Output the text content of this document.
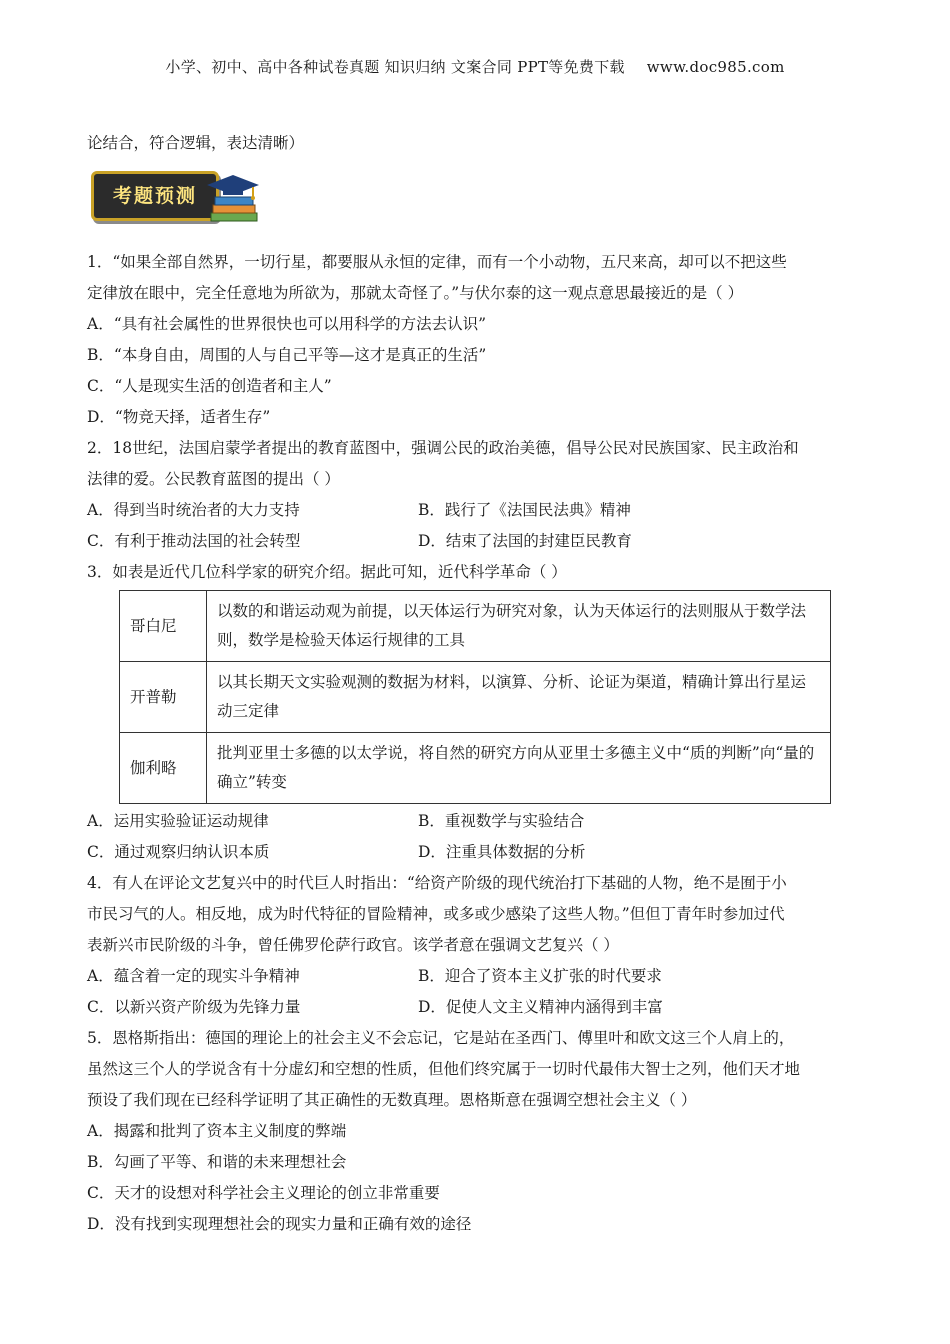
小学、初中、高中各种试卷真题 知识归纳 文案合同 PPT等免费下载 www.doc985.com
论结合，符合逻辑，表达清晰）
考题预测
1．“如果全部自然界，一切行星，都要服从永恒的定律，而有一个小动物，五尺来高，却可以不把这些
定律放在眼中，完全任意地为所欲为，那就太奇怪了。”与伏尔泰的这一观点意思最接近的是（ ）
A．“具有社会属性的世界很快也可以用科学的方法去认识”
B．“本身自由，周围的人与自己平等—这才是真正的生活”
C．“人是现实生活的创造者和主人”
D．“物竞天择，适者生存”
2．18世纪，法国启蒙学者提出的教育蓝图中，强调公民的政治美德，倡导公民对民族国家、民主政治和
法律的爱。公民教育蓝图的提出（ ）
A．得到当时统治者的大力支持	B．践行了《法国民法典》精神
C．有利于推动法国的社会转型	D．结束了法国的封建臣民教育
3．如表是近代几位科学家的研究介绍。据此可知，近代科学革命（ ）
哥白尼	以数的和谐运动观为前提，以天体运行为研究对象，认为天体运行的法则服从于数学法则，数学是检验天体运行规律的工具
开普勒	以其长期天文实验观测的数据为材料，以演算、分析、论证为渠道，精确计算出行星运动三定律
伽利略	批判亚里士多德的以太学说，将自然的研究方向从亚里士多德主义中“质的判断”向“量的确立”转变
A．运用实验验证运动规律	B．重视数学与实验结合
C．通过观察归纳认识本质	D．注重具体数据的分析
4．有人在评论文艺复兴中的时代巨人时指出：“给资产阶级的现代统治打下基础的人物，绝不是囿于小
市民习气的人。相反地，成为时代特征的冒险精神，或多或少感染了这些人物。”但但丁青年时参加过代
表新兴市民阶级的斗争，曾任佛罗伦萨行政官。该学者意在强调文艺复兴（ ）
A．蕴含着一定的现实斗争精神	B．迎合了资本主义扩张的时代要求
C．以新兴资产阶级为先锋力量	D．促使人文主义精神内涵得到丰富
5．恩格斯指出：德国的理论上的社会主义不会忘记，它是站在圣西门、傅里叶和欧文这三个人肩上的，
虽然这三个人的学说含有十分虚幻和空想的性质，但他们终究属于一切时代最伟大智士之列，他们天才地
预设了我们现在已经科学证明了其正确性的无数真理。恩格斯意在强调空想社会主义（ ）
A．揭露和批判了资本主义制度的弊端
B．勾画了平等、和谐的未来理想社会
C．天才的设想对科学社会主义理论的创立非常重要
D．没有找到实现理想社会的现实力量和正确有效的途径
